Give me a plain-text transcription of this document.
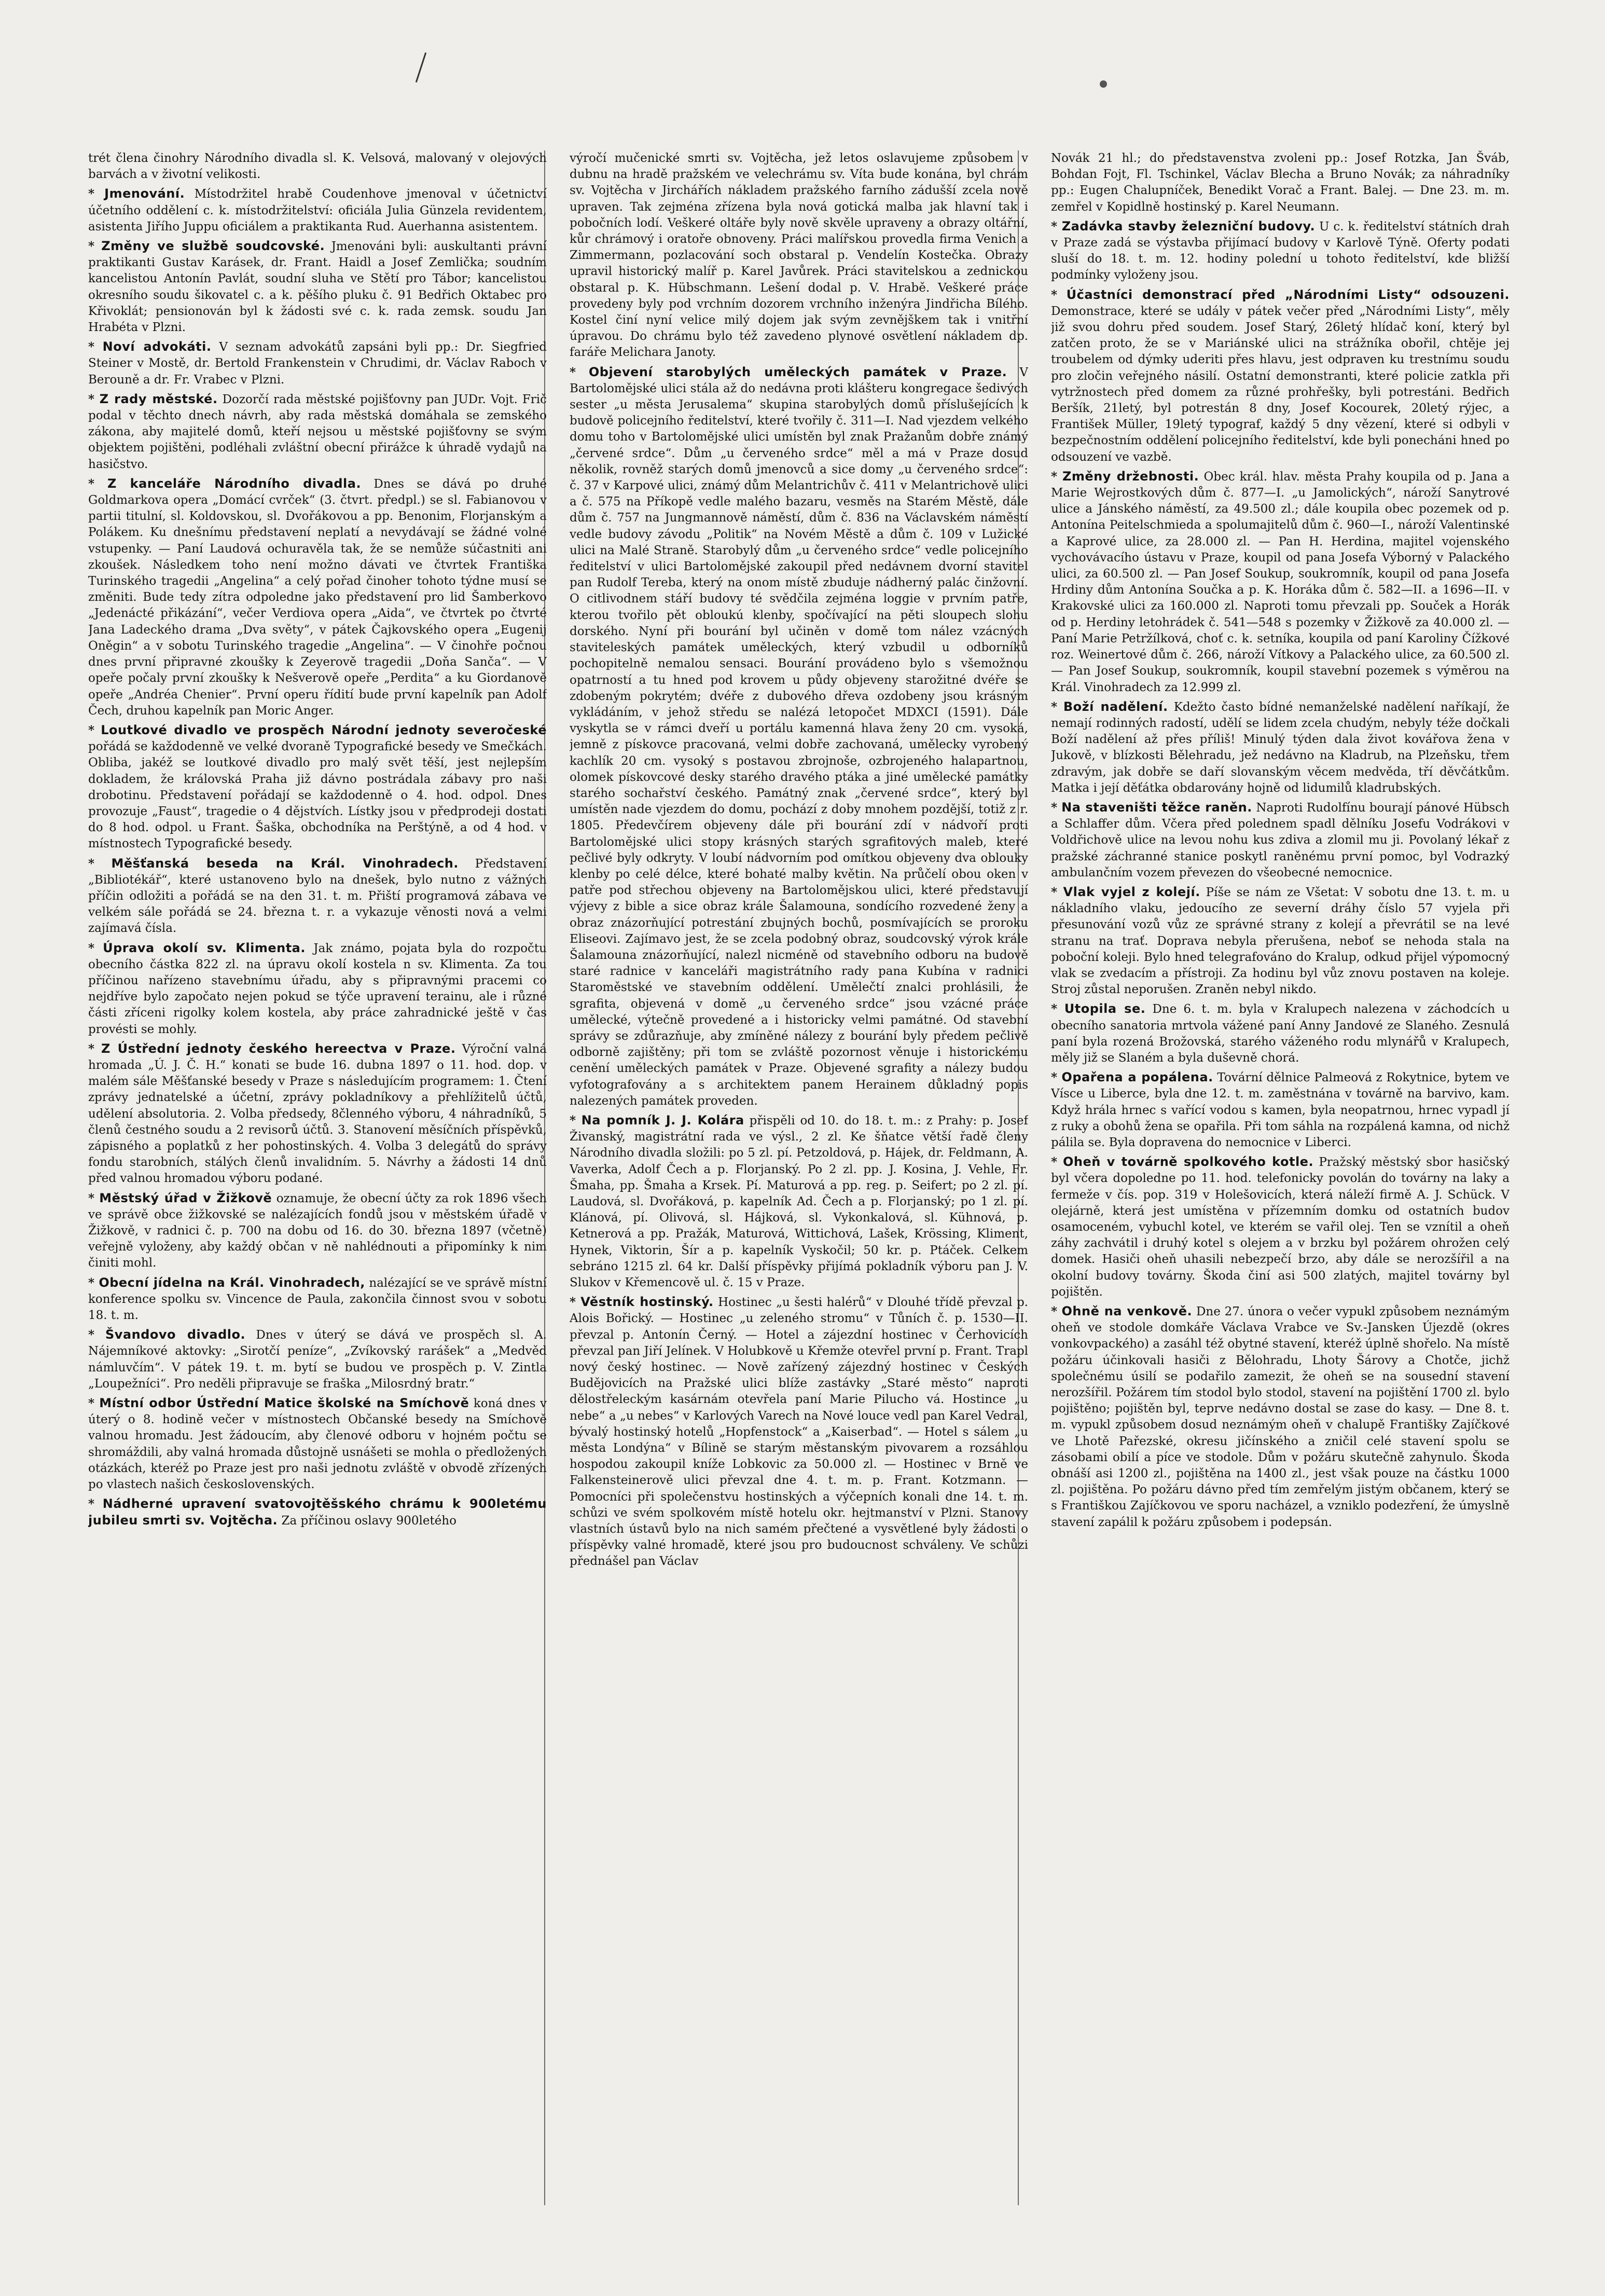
trét člena činohry Národního divadla sl. K. Velsová, malovaný v olejových barvách a v životní velikosti.

* Jmenování. Místodržitel hrabě Coudenhove jmenoval v účetnictví účetního oddělení c. k. místodržitelství: oficiála Julia Günzela revidentem, asistenta Jiřího Juppu oficiálem a praktikanta Rud. Auerhanna asistentem.

* Změny ve službě soudcovské. Jmenováni byli: auskultanti právní praktikanti Gustav Karásek, dr. Frant. Haidl a Josef Zemlička; soudním kancelistou Antonín Pavlát, soudní sluha ve Stětí pro Tábor; kancelistou okresního soudu šikovatel c. a k. pěšího pluku č. 91 Bedřich Oktabec pro Křivoklát; pensionován byl k žádosti své c. k. rada zemsk. soudu Jan Hrabéta v Plzni.

* Noví advokáti. V seznam advokátů zapsáni byli pp.: Dr. Siegfried Steiner v Mostě, dr. Bertold Frankenstein v Chrudimi, dr. Václav Raboch v Berouně a dr. Fr. Vrabec v Plzni.

* Z rady městské. Dozorčí rada městské pojišťovny pan JUDr. Vojt. Frič podal v těchto dnech návrh, aby rada městská domáhala se zemského zákona, aby majitelé domů, kteří nejsou u městské pojišťovny se svým objektem pojištěni, podléhali zvláštní obecní přirážce k úhradě vydajů na hasičstvo.

* Z kanceláře Národního divadla. Dnes se dává po druhé Goldmarkova opera „Domácí cvrček“ (3. čtvrt. předpl.) se sl. Fabianovou v partii titulní, sl. Koldovskou, sl. Dvořákovou a pp. Benonim, Florjanským a Polákem. Ku dnešnímu představení neplatí a nevydávají se žádné volné vstupenky. — Paní Laudová ochuravěla tak, že se nemůže súčastniti ani zkoušek. Následkem toho není možno dávati ve čtvrtek Františka Turinského tragedii „Angelina“ a celý pořad činoher tohoto týdne musí se změniti. Bude tedy zítra odpoledne jako představení pro lid Šamberkovo „Jedenácté přikázání“, večer Verdiova opera „Aida“, ve čtvrtek po čtvrté Jana Ladeckého drama „Dva světy“, v pátek Čajkovského opera „Eugenij Oněgin“ a v sobotu Turinského tragedie „Angelina“. — V činohře počnou dnes první připravné zkoušky k Zeyerově tragedii „Doňa Sanča“. — V opeře počaly první zkoušky k Nešverově opeře „Perdita“ a ku Giordanově opeře „Andréa Chenier“. První operu řídití bude první kapelník pan Adolf Čech, druhou kapelník pan Moric Anger.

* Loutkové divadlo ve prospěch Národní jednoty severočeské pořádá se každodenně ve velké dvoraně Typografické besedy ve Smečkách. Obliba, jakéž se loutkové divadlo pro malý svět těší, jest nejlepším dokladem, že královská Praha již dávno postrádala zábavy pro naši drobotinu. Představení pořádají se každodenně o 4. hod. odpol. Dnes provozuje „Faust“, tragedie o 4 dějstvích. Lístky jsou v předprodeji dostati do 8 hod. odpol. u Frant. Šaška, obchodníka na Perštýně, a od 4 hod. v místnostech Typografické besedy.

* Měšťanská beseda na Král. Vinohradech. Představení „Bibliotékář“, které ustanoveno bylo na dnešek, bylo nutno z vážných příčin odložiti a pořádá se na den 31. t. m. Přiští programová zábava ve velkém sále pořádá se 24. března t. r. a vykazuje věnosti nová a velmi zajímavá čísla.

* Úprava okolí sv. Klimenta. Jak známo, pojata byla do rozpočtu obecního částka 822 zl. na úpravu okolí kostela n sv. Klimenta. Za tou příčinou nařízeno stavebnímu úřadu, aby s připravnými pracemi co nejdříve bylo započato nejen pokud se týče upravení terainu, ale i různé části zříceni rigolky kolem kostela, aby práce zahradnické ještě v čas provésti se mohly.

* Z Ústřední jednoty českého hereectva v Praze. Výroční valná hromada „Ú. J. Č. H.“ konati se bude 16. dubna 1897 o 11. hod. dop. v malém sále Měšťanské besedy v Praze s následujícím programem: 1. Čtení zprávy jednatelské a účetní, zprávy pokladníkovy a přehlížitelů účtů, udělení absolutoria. 2. Volba předsedy, 8členného výboru, 4 náhradníků, 5 členů čestného soudu a 2 revisorů účtů. 3. Stanovení měsíčních příspěvků, zápisného a poplatků z her pohostinských. 4. Volba 3 delegátů do správy fondu starobních, stálých členů invalidním. 5. Návrhy a žádosti 14 dnů před valnou hromadou výboru podané.

* Městský úřad v Žižkově oznamuje, že obecní účty za rok 1896 všech ve správě obce žižkovské se nalézajících fondů jsou v městském úřadě v Žižkově, v radnici č. p. 700 na dobu od 16. do 30. března 1897 (včetně) veřejně vyloženy, aby každý občan v ně nahlédnouti a připomínky k nim činiti mohl.

* Obecní jídelna na Král. Vinohradech, nalézající se ve správě místní konference spolku sv. Vincence de Paula, zakončila činnost svou v sobotu 18. t. m.

* Švandovo divadlo. Dnes v úterý se dává ve prospěch sl. A. Nájemníkové aktovky: „Sirotčí peníze“, „Zvíkovský rarášek“ a „Medvěd námluvčím“. V pátek 19. t. m. bytí se budou ve prospěch p. V. Zintla „Loupežníci“. Pro neděli připravuje se fraška „Milosrdný bratr.“

* Místní odbor Ústřední Matice školské na Smíchově koná dnes v úterý o 8. hodině večer v místnostech Občanské besedy na Smíchově valnou hromadu. Jest žádoucím, aby členové odboru v hojném počtu se shromáždili, aby valná hromada důstojně usnášeti se mohla o předložených otázkách, kteréž po Praze jest pro naši jednotu zvláště v obvodě zřízených po vlastech našich československých.

* Nádherné upravení svatovojtěšského chrámu k 900letému jubileu smrti sv. Vojtěcha. Za příčinou oslavy 900letého

výročí mučenické smrti sv. Vojtěcha, jež letos oslavujeme způsobem v dubnu na hradě pražském ve velechrámu sv. Víta bude konána, byl chrám sv. Vojtěcha v Jirchářích nákladem pražského farního zádušší zcela nově upraven. Tak zejména zřízena byla nová gotická malba jak hlavní tak i pobočních lodí. Veškeré oltáře byly nově skvěle upraveny a obrazy oltářní, kůr chrámový i oratoře obnoveny. Práci malířskou provedla firma Venich a Zimmermann, pozlacování soch obstaral p. Vendelín Kostečka. Obrazy upravil historický malíř p. Karel Javůrek. Práci stavitelskou a zednickou obstaral p. K. Hübschmann. Lešení dodal p. V. Hrabě. Veškeré práce provedeny byly pod vrchním dozorem vrchního inženýra Jindřicha Bílého. Kostel činí nyní velice milý dojem jak svým zevnějškem tak i vnitřní úpravou. Do chrámu bylo též zavedeno plynové osvětlení nákladem dp. faráře Melichara Janoty.

* Objevení starobylých uměleckých památek v Praze. V Bartolomějské ulici stála až do nedávna proti klášteru kongregace šedivých sester „u města Jerusalema“ skupina starobylých domů příslušejících k budově policejního ředitelství, které tvořily č. 311—I. Nad vjezdem velkého domu toho v Bartolomějské ulici umístěn byl znak Pražanům dobře známý „červené srdce“. Dům „u červeného srdce“ měl a má v Praze dosud několik, rovněž starých domů jmenovců a sice domy „u červeného srdce“: č. 37 v Karpové ulici, známý dům Melantrichův č. 411 v Melantrichově ulici a č. 575 na Příkopě vedle malého bazaru, vesměs na Starém Městě, dále dům č. 757 na Jungmannově náměstí, dům č. 836 na Václavském náměstí vedle budovy závodu „Politik“ na Novém Městě a dům č. 109 v Lužické ulici na Malé Straně. Starobylý dům „u červeného srdce“ vedle policejního ředitelství v ulici Bartolomějské zakoupil před nedávnem dvorní stavitel pan Rudolf Tereba, který na onom místě zbuduje nádherný palác činžovní. O citlivodnem stáří budovy té svědčila zejména loggie v prvním patře, kterou tvořilo pět obloukú klenby, spočívající na pěti sloupech slohu dorského. Nyní při bourání byl učiněn v domě tom nález vzácných staviteleských památek uměleckých, který vzbudil u odborníků pochopitelně nemalou sensaci. Bourání provádeno bylo s všemožnou opatrností a tu hned pod krovem u půdy objeveny starožitné dvéře se zdobeným pokrytém; dvéře z dubového dřeva ozdobeny jsou krásným vykládáním, v jehož středu se nalézá letopočet MDXCI (1591). Dále vyskytla se v rámci dveří u portálu kamenná hlava ženy 20 cm. vysoká, jemně z pískovce pracovaná, velmi dobře zachovaná, umělecky vyrobený kachlík 20 cm. vysoký s postavou zbrojnoše, ozbrojeného halapartnou, olomek pískovcové desky starého dravého ptáka a jiné umělecké památky starého sochařství českého. Památný znak „červené srdce“, který byl umístěn nade vjezdem do domu, pochází z doby mnohem pozdější, totiž z r. 1805. Předevčírem objeveny dále při bourání zdí v nádvoří proti Bartolomějské ulici stopy krásných starých sgrafitových maleb, které pečlivé byly odkryty. V loubí nádvorním pod omítkou objeveny dva oblouky klenby po celé délce, které bohaté malby květin. Na průčelí obou oken v patře pod střechou objeveny na Bartolomějskou ulici, které představují výjevy z bible a sice obraz krále Šalamouna, sondícího rozvedené ženy a obraz znázorňující potrestání zbujných bochů, posmívajících se proroku Eliseovi. Zajímavo jest, že se zcela podobný obraz, soudcovský výrok krále Šalamouna znázorňující, nalezl nicméně od stavebního odboru na budově staré radnice v kanceláři magistrátního rady pana Kubína v radnici Staroměstské ve stavebním oddělení. Umělečtí znalci prohlásili, že sgrafita, objevená v domě „u červeného srdce“ jsou vzácné práce umělecké, výtečně provedené a i historicky velmi památné. Od stavební správy se zdůrazňuje, aby zmíněné nálezy z bourání byly předem pečlivě odborně zajištěny; při tom se zvláště pozornost věnuje i historickému cenění uměleckých památek v Praze. Objevené sgrafity a nálezy budou vyfotografovány a s architektem panem Herainem důkladný popis nalezených památek proveden.

* Na pomník J. J. Kolára přispěli od 10. do 18. t. m.: z Prahy: p. Josef Živanský, magistrátní rada ve výsl., 2 zl. Ke šňatce větší řadě členy Národního divadla složili: po 5 zl. pí. Petzoldová, p. Hájek, dr. Feldmann, A. Vaverka, Adolf Čech a p. Florjanský. Po 2 zl. pp. J. Kosina, J. Vehle, Fr. Šmaha, pp. Šmaha a Krsek. Pí. Maturová a pp. reg. p. Seifert; po 2 zl. pí. Laudová, sl. Dvořáková, p. kapelník Ad. Čech a p. Florjanský; po 1 zl. pí. Klánová, pí. Olivová, sl. Hájková, sl. Vykonkalová, sl. Kühnová, p. Ketnerová a pp. Pražák, Maturová, Wittichová, Lašek, Krössing, Kliment, Hynek, Viktorin, Šír a p. kapelník Vyskočil; 50 kr. p. Ptáček. Celkem sebráno 1215 zl. 64 kr. Další příspěvky přijímá pokladník výboru pan J. V. Slukov v Křemencově ul. č. 15 v Praze.

* Věstník hostinský. Hostinec „u šesti halérů“ v Dlouhé třídě převzal p. Alois Bořický. — Hostinec „u zeleného stromu“ v Tůních č. p. 1530—II. převzal p. Antonín Černý. — Hotel a zájezdní hostinec v Čerhovicích převzal pan Jiří Jelínek. V Holubkově u Křemže otevřel první p. Frant. Trapl nový český hostinec. — Nově zařízený zájezdný hostinec v Českých Budějovicích na Pražské ulici blíže zastávky „Staré město“ naproti dělostřeleckým kasárnám otevřela paní Marie Pilucho vá. Hostince „u nebe“ a „u nebes“ v Karlových Varech na Nové louce vedl pan Karel Vedral, bývalý hostinský hotelů „Hopfenstock“ a „Kaiserbad“. — Hotel s sálem „u města Londýna“ v Bílině se starým městanským pivovarem a rozsáhlou hospodou zakoupil kníže Lobkovic za 50.000 zl. — Hostinec v Brně ve Falkensteinerově ulici převzal dne 4. t. m. p. Frant. Kotzmann. — Pomocníci při společenstvu hostinských a výčepních konali dne 14. t. m. schůzi ve svém spolkovém místě hotelu okr. hejtmanství v Plzni. Stanovy vlastních ústavů bylo na nich samém přečtené a vysvětlené byly žádosti o příspěvky valné hromadě, které jsou pro budoucnost schváleny. Ve schůzi přednášel pan Václav

Novák 21 hl.; do představenstva zvoleni pp.: Josef Rotzka, Jan Šváb, Bohdan Fojt, Fl. Tschinkel, Václav Blecha a Bruno Novák; za náhradníky pp.: Eugen Chalupníček, Benedikt Vorač a Frant. Balej. — Dne 23. m. m. zemřel v Kopidlně hostinský p. Karel Neumann.

* Zadávka stavby železniční budovy. U c. k. ředitelství státních drah v Praze zadá se výstavba přijímací budovy v Karlově Týně. Oferty podati sluší do 18. t. m. 12. hodiny polední u tohoto ředitelství, kde bližší podmínky vyloženy jsou.

* Účastníci demonstrací před „Národními Listy“ odsouzeni. Demonstrace, které se udály v pátek večer před „Národními Listy“, měly již svou dohru před soudem. Josef Starý, 26letý hlídač koní, který byl zatčen proto, že se v Mariánské ulici na strážníka obořil, chtěje jej troubelem od dýmky uderiti přes hlavu, jest odpraven ku trestnímu soudu pro zločin veřejného násilí. Ostatní demonstranti, které policie zatkla při vytržnostech před domem za různé prohřešky, byli potrestáni. Bedřich Beršík, 21letý, byl potrestán 8 dny, Josef Kocourek, 20letý rýjec, a František Müller, 19letý typograf, každý 5 dny vězení, které si odbyli v bezpečnostním oddělení policejního ředitelství, kde byli ponecháni hned po odsouzení ve vazbě.

* Změny držebnosti. Obec král. hlav. města Prahy koupila od p. Jana a Marie Wejrostkových dům č. 877—I. „u Jamolických“, nároží Sanytrové ulice a Jánského náměstí, za 49.500 zl.; dále koupila obec pozemek od p. Antonína Peitelschmieda a spolumajitelů dům č. 960—I., nároží Valentinské a Kaprové ulice, za 28.000 zl. — Pan H. Herdina, majitel vojenského vychovávacího ústavu v Praze, koupil od pana Josefa Výborný v Palackého ulici, za 60.500 zl. — Pan Josef Soukup, soukromník, koupil od pana Josefa Hrdiny dům Antonína Součka a p. K. Horáka dům č. 582—II. a 1696—II. v Krakovské ulici za 160.000 zl. Naproti tomu převzali pp. Souček a Horák od p. Herdiny letohrádek č. 541—548 s pozemky v Žižkově za 40.000 zl. — Paní Marie Petržílková, choť c. k. setníka, koupila od paní Karoliny Čížkové roz. Weinertové dům č. 266, nároží Vítkovy a Palackého ulice, za 60.500 zl. — Pan Josef Soukup, soukromník, koupil stavební pozemek s výměrou na Král. Vinohradech za 12.999 zl.

* Boží nadělení. Kdežto často bídné nemanželské nadělení naříkají, že nemají rodinných radostí, udělí se lidem zcela chudým, nebyly téže dočkali Boží nadělení až přes příliš! Minulý týden dala život kovářova žena v Jukově, v blízkosti Bělehradu, jež nedávno na Kladrub, na Plzeňsku, třem zdravým, jak dobře se daří slovanským věcem medvěda, tří děvčátkům. Matka i její děťátka obdarovány hojně od lidumilů kladrubských.

* Na staveništi těžce raněn. Naproti Rudolfínu bourají pánové Hübsch a Schlaffer dům. Včera před polednem spadl dělníku Josefu Vodrákovi v Voldřichově ulice na levou nohu kus zdiva a zlomil mu ji. Povolaný lékař z pražské záchranné stanice poskytl raněnému první pomoc, byl Vodrazký ambulančním vozem převezen do všeobecné nemocnice.

* Vlak vyjel z kolejí. Píše se nám ze Všetat: V sobotu dne 13. t. m. u nákladního vlaku, jedoucího ze severní dráhy číslo 57 vyjela při přesunování vozů vůz ze správné strany z kolejí a převrátil se na levé stranu na trať. Doprava nebyla přerušena, neboť se nehoda stala na poboční koleji. Bylo hned telegrafováno do Kralup, odkud přijel výpomocný vlak se zvedacím a přístroji. Za hodinu byl vůz znovu postaven na koleje. Stroj zůstal neporušen. Zraněn nebyl nikdo.

* Utopila se. Dne 6. t. m. byla v Kralupech nalezena v záchodcích u obecního sanatoria mrtvola vážené paní Anny Jandové ze Slaného. Zesnulá paní byla rozená Brožovská, starého váženého rodu mlynářů v Kralupech, měly již se Slaném a byla duševně chorá.

* Opařena a popálena. Tovární dělnice Palmeová z Rokytnice, bytem ve Vísce u Liberce, byla dne 12. t. m. zaměstnána v továrně na barvivo, kam. Když hrála hrnec s vařící vodou s kamen, byla neopatrnou, hrnec vypadl jí z ruky a obohů žena se opařila. Při tom sáhla na rozpálená kamna, od nichž pálila se. Byla dopravena do nemocnice v Liberci.

* Oheň v továrně spolkového kotle. Pražský městský sbor hasičský byl včera dopoledne po 11. hod. telefonicky povolán do továrny na laky a fermeže v čís. pop. 319 v Holešovicích, která náleží firmě A. J. Schück. V olejárně, která jest umístěna v přízemním domku od ostatních budov osamoceném, vybuchl kotel, ve kterém se vařil olej. Ten se vznítil a oheň záhy zachvátil i druhý kotel s olejem a v brzku byl požárem ohrožen celý domek. Hasiči oheň uhasili nebezpečí brzo, aby dále se nerozšířil a na okolní budovy továrny. Škoda činí asi 500 zlatých, majitel továrny byl pojištěn.

* Ohně na venkově. Dne 27. února o večer vypukl způsobem neznámým oheň ve stodole domkáře Václava Vrabce ve Sv.-Jansken Újezdě (okres vonkovpackého) a zasáhl též obytné stavení, kteréž úplně shořelo. Na místě požáru účinkovali hasiči z Bělohradu, Lhoty Šárovy a Chotče, jichž společnému úsilí se podařilo zamezit, že oheň se na sousední stavení nerozšířil. Požárem tím stodol bylo stodol, stavení na pojištění 1700 zl. bylo pojištěno; pojištěn byl, teprve nedávno dostal se zase do kasy. — Dne 8. t. m. vypukl způsobem dosud neznámým oheň v chalupě Františky Zajíčkové ve Lhotě Pařezské, okresu jičínského a zničil celé stavení spolu se zásobami obilí a píce ve stodole. Dům v požáru skutečně zahynulo. Škoda obnáší asi 1200 zl., pojištěna na 1400 zl., jest však pouze na částku 1000 zl. pojištěna. Po požáru dávno před tím zemřelým jistým občanem, který se s Františkou Zajíčkovou ve sporu nacházel, a vzniklo podezření, že úmyslně stavení zapálil k požáru způsobem i podepsán.
